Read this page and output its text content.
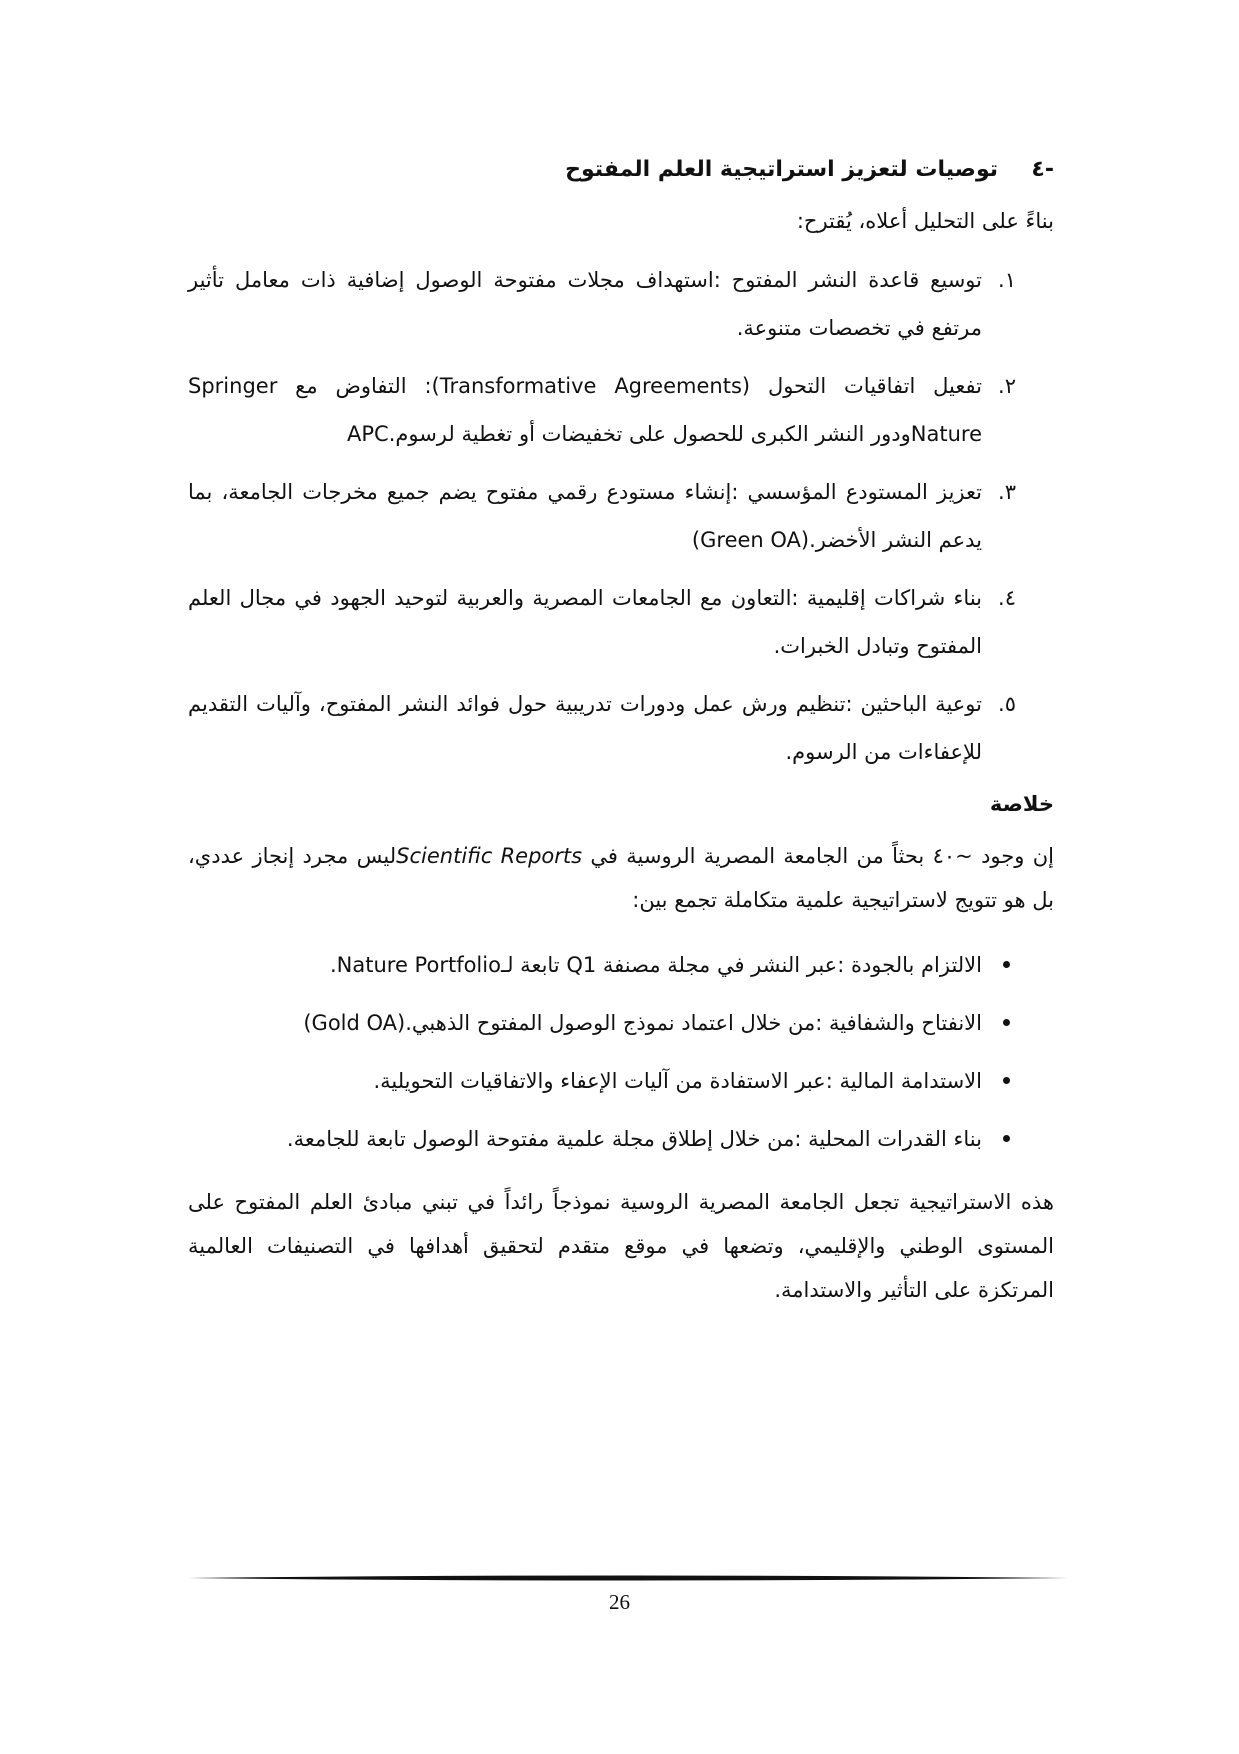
-٤
توصيات لتعزيز استراتيجية العلم المفتوح

بناءً على التحليل أعلاه، يُقترح:

١.
توسيع قاعدة النشر المفتوح :استهداف مجلات مفتوحة الوصول إضافية ذات معامل تأثير مرتفع في تخصصات متنوعة.
٢.
تفعيل اتفاقيات التحول (Transformative Agreements): التفاوض مع Springer Natureودور النشر الكبرى للحصول على تخفيضات أو تغطية لرسوم.APC
٣.
تعزيز المستودع المؤسسي :إنشاء مستودع رقمي مفتوح يضم جميع مخرجات الجامعة، بما يدعم النشر الأخضر.(Green OA)
٤.
بناء شراكات إقليمية :التعاون مع الجامعات المصرية والعربية لتوحيد الجهود في مجال العلم المفتوح وتبادل الخبرات.
٥.
توعية الباحثين :تنظيم ورش عمل ودورات تدريبية حول فوائد النشر المفتوح، وآليات التقديم للإعفاءات من الرسوم.
خلاصة

إن وجود ~٤٠ بحثاً من الجامعة المصرية الروسية في Scientific Reportsليس مجرد إنجاز عددي، بل هو تتويج لاستراتيجية علمية متكاملة تجمع بين:

الالتزام بالجودة :عبر النشر في مجلة مصنفة Q1 تابعة لـNature Portfolio.
الانفتاح والشفافية :من خلال اعتماد نموذج الوصول المفتوح الذهبي.(Gold OA)
الاستدامة المالية :عبر الاستفادة من آليات الإعفاء والاتفاقيات التحويلية.
بناء القدرات المحلية :من خلال إطلاق مجلة علمية مفتوحة الوصول تابعة للجامعة.

هذه الاستراتيجية تجعل الجامعة المصرية الروسية نموذجاً رائداً في تبني مبادئ العلم المفتوح على المستوى الوطني والإقليمي، وتضعها في موقع متقدم لتحقيق أهدافها في التصنيفات العالمية المرتكزة على التأثير والاستدامة.

26
